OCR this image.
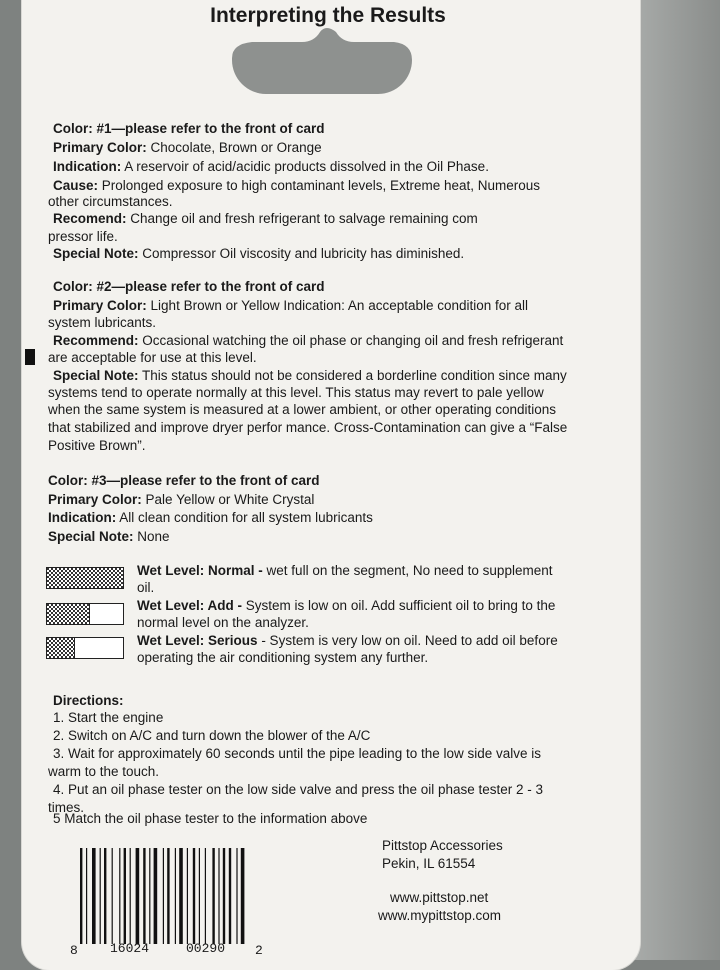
Interpreting the Results
Color: #1—please refer to the front of card
Primary Color: Chocolate, Brown or Orange
Indication: A reservoir of acid/acidic products dissolved in the Oil Phase.
Cause: Prolonged exposure to high contaminant levels, Extreme heat, Numerous
other circumstances.
Recomend: Change oil and fresh refrigerant to salvage remaining com
pressor life.
Special Note: Compressor Oil viscosity and lubricity has diminished.
Color: #2—please refer to the front of card
Primary Color: Light Brown or Yellow Indication: An acceptable condition for all
system lubricants.
Recommend: Occasional watching the oil phase or changing oil and fresh refrigerant
are acceptable for use at this level.
Special Note: This status should not be considered a borderline condition since many
systems tend to operate normally at this level. This status may revert to pale yellow
when the same system is measured at a lower ambient, or other operating conditions
that stabilized and improve dryer perfor mance. Cross-Contamination can give a “False
Positive Brown”.
Color: #3—please refer to the front of card
Primary Color: Pale Yellow or White Crystal
Indication: All clean condition for all system lubricants
Special Note: None
Wet Level: Normal - wet full on the segment, No need to supplement
oil.
Wet Level: Add - System is low on oil. Add sufficient oil to bring to the
normal level on the analyzer.
Wet Level: Serious - System is very low on oil. Need to add oil before
operating the air conditioning system any further.
Directions:
1. Start the engine
2. Switch on A/C and turn down the blower of the A/C
3. Wait for approximately 60 seconds until the pipe leading to the low side valve is
warm to the touch.
4. Put an oil phase tester on the low side valve and press the oil phase tester 2 - 3
times.
5 Match the oil phase tester to the information above
Pittstop Accessories
Pekin, IL 61554
www.pittstop.net
www.mypittstop.com
8 16024	00290 2
